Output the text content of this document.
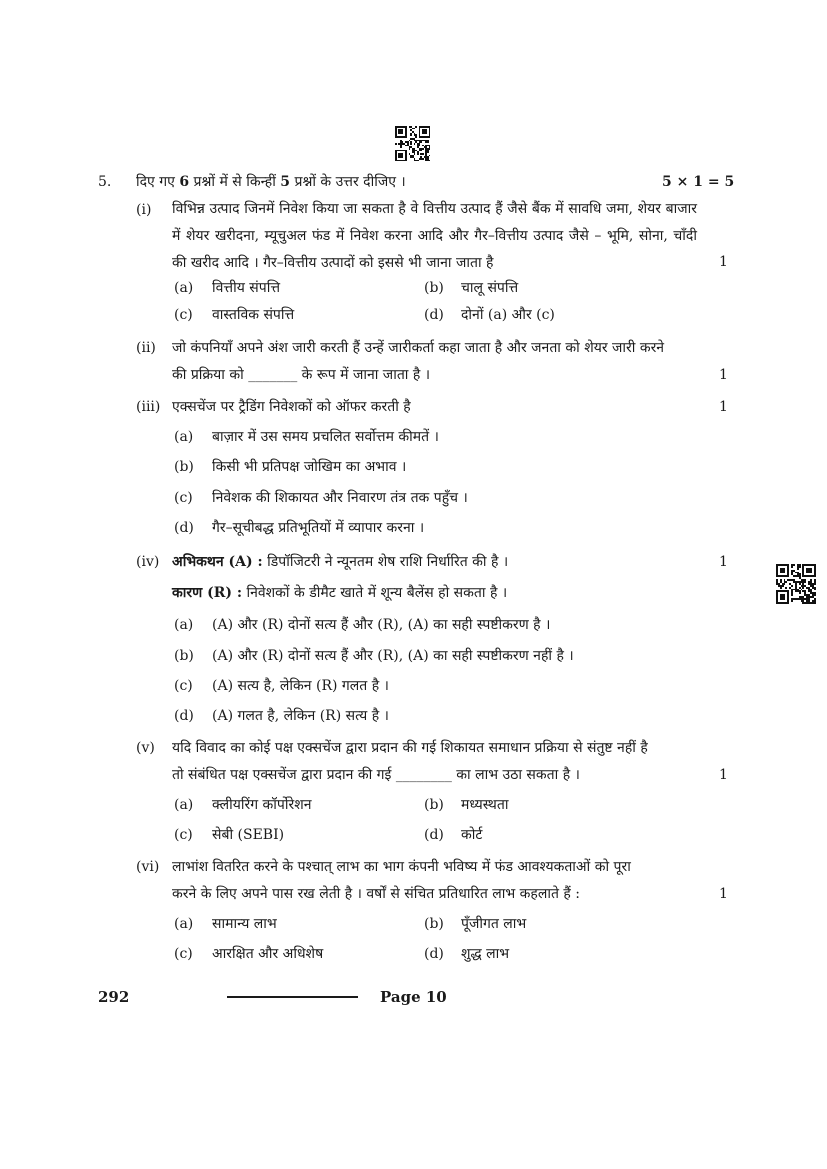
5. दिए गए 6 प्रश्नों में से किन्हीं 5 प्रश्नों के उत्तर दीजिए ।	5 × 1 = 5
(i) विभिन्न उत्पाद जिनमें निवेश किया जा सकता है वे वित्तीय उत्पाद हैं जैसे बैंक में सावधि जमा, शेयर बाजार में शेयर खरीदना, म्यूचुअल फंड में निवेश करना आदि और गैर–वित्तीय उत्पाद जैसे – भूमि, सोना, चाँदी की खरीद आदि । गैर–वित्तीय उत्पादों को इससे भी जाना जाता है	1
(a) वित्तीय संपत्ति	(b) चालू संपत्ति
(c) वास्तविक संपत्ति	(d) दोनों (a) और (c)
(ii) जो कंपनियाँ अपने अंश जारी करती हैं उन्हें जारीकर्ता कहा जाता है और जनता को शेयर जारी करने
की प्रक्रिया को _______ के रूप में जाना जाता है ।	1
(iii) एक्सचेंज पर ट्रैडिंग निवेशकों को ऑफर करती है	1
(a) बाज़ार में उस समय प्रचलित सर्वोत्तम कीमतें ।
(b) किसी भी प्रतिपक्ष जोखिम का अभाव ।
(c) निवेशक की शिकायत और निवारण तंत्र तक पहुँच ।
(d) गैर–सूचीबद्ध प्रतिभूतियों में व्यापार करना ।
(iv) अभिकथन (A) : डिपॉजिटरी ने न्यूनतम शेष राशि निर्धारित की है ।	1
कारण (R) : निवेशकों के डीमैट खाते में शून्य बैलेंस हो सकता है ।
(a) (A) और (R) दोनों सत्य हैं और (R), (A) का सही स्पष्टीकरण है ।
(b) (A) और (R) दोनों सत्य हैं और (R), (A) का सही स्पष्टीकरण नहीं है ।
(c) (A) सत्य है, लेकिन (R) गलत है ।
(d) (A) गलत है, लेकिन (R) सत्य है ।
(v) यदि विवाद का कोई पक्ष एक्सचेंज द्वारा प्रदान की गई शिकायत समाधान प्रक्रिया से संतुष्ट नहीं है
तो संबंधित पक्ष एक्सचेंज द्वारा प्रदान की गई ________ का लाभ उठा सकता है ।	1
(a) क्लीयरिंग कॉर्पोरेशन	(b) मध्यस्थता
(c) सेबी (SEBI)	(d) कोर्ट
(vi) लाभांश वितरित करने के पश्चात् लाभ का भाग कंपनी भविष्य में फंड आवश्यकताओं को पूरा
करने के लिए अपने पास रख लेती है । वर्षों से संचित प्रतिधारित लाभ कहलाते हैं :	1
(a) सामान्य लाभ	(b) पूँजीगत लाभ
(c) आरक्षित और अधिशेष	(d) शुद्ध लाभ
292	Page 10
